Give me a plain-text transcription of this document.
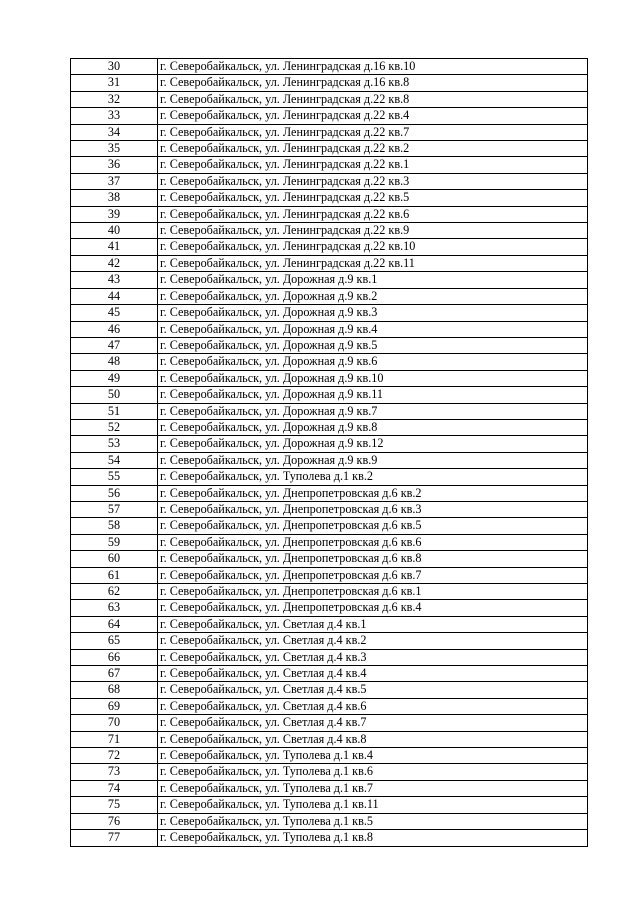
30	г. Северобайкальск, ул. Ленинградская д.16 кв.10
31	г. Северобайкальск, ул. Ленинградская д.16 кв.8
32	г. Северобайкальск, ул. Ленинградская д.22 кв.8
33	г. Северобайкальск, ул. Ленинградская д.22 кв.4
34	г. Северобайкальск, ул. Ленинградская д.22 кв.7
35	г. Северобайкальск, ул. Ленинградская д.22 кв.2
36	г. Северобайкальск, ул. Ленинградская д.22 кв.1
37	г. Северобайкальск, ул. Ленинградская д.22 кв.3
38	г. Северобайкальск, ул. Ленинградская д.22 кв.5
39	г. Северобайкальск, ул. Ленинградская д.22 кв.6
40	г. Северобайкальск, ул. Ленинградская д.22 кв.9
41	г. Северобайкальск, ул. Ленинградская д.22 кв.10
42	г. Северобайкальск, ул. Ленинградская д.22 кв.11
43	г. Северобайкальск, ул. Дорожная д.9 кв.1
44	г. Северобайкальск, ул. Дорожная д.9 кв.2
45	г. Северобайкальск, ул. Дорожная д.9 кв.3
46	г. Северобайкальск, ул. Дорожная д.9 кв.4
47	г. Северобайкальск, ул. Дорожная д.9 кв.5
48	г. Северобайкальск, ул. Дорожная д.9 кв.6
49	г. Северобайкальск, ул. Дорожная д.9 кв.10
50	г. Северобайкальск, ул. Дорожная д.9 кв.11
51	г. Северобайкальск, ул. Дорожная д.9 кв.7
52	г. Северобайкальск, ул. Дорожная д.9 кв.8
53	г. Северобайкальск, ул. Дорожная д.9 кв.12
54	г. Северобайкальск, ул. Дорожная д.9 кв.9
55	г. Северобайкальск, ул. Туполева д.1 кв.2
56	г. Северобайкальск, ул. Днепропетровская д.6 кв.2
57	г. Северобайкальск, ул. Днепропетровская д.6 кв.3
58	г. Северобайкальск, ул. Днепропетровская д.6 кв.5
59	г. Северобайкальск, ул. Днепропетровская д.6 кв.6
60	г. Северобайкальск, ул. Днепропетровская д.6 кв.8
61	г. Северобайкальск, ул. Днепропетровская д.6 кв.7
62	г. Северобайкальск, ул. Днепропетровская д.6 кв.1
63	г. Северобайкальск, ул. Днепропетровская д.6 кв.4
64	г. Северобайкальск, ул. Светлая д.4 кв.1
65	г. Северобайкальск, ул. Светлая д.4 кв.2
66	г. Северобайкальск, ул. Светлая д.4 кв.3
67	г. Северобайкальск, ул. Светлая д.4 кв.4
68	г. Северобайкальск, ул. Светлая д.4 кв.5
69	г. Северобайкальск, ул. Светлая д.4 кв.6
70	г. Северобайкальск, ул. Светлая д.4 кв.7
71	г. Северобайкальск, ул. Светлая д.4 кв.8
72	г. Северобайкальск, ул. Туполева д.1 кв.4
73	г. Северобайкальск, ул. Туполева д.1 кв.6
74	г. Северобайкальск, ул. Туполева д.1 кв.7
75	г. Северобайкальск, ул. Туполева д.1 кв.11
76	г. Северобайкальск, ул. Туполева д.1 кв.5
77	г. Северобайкальск, ул. Туполева д.1 кв.8
